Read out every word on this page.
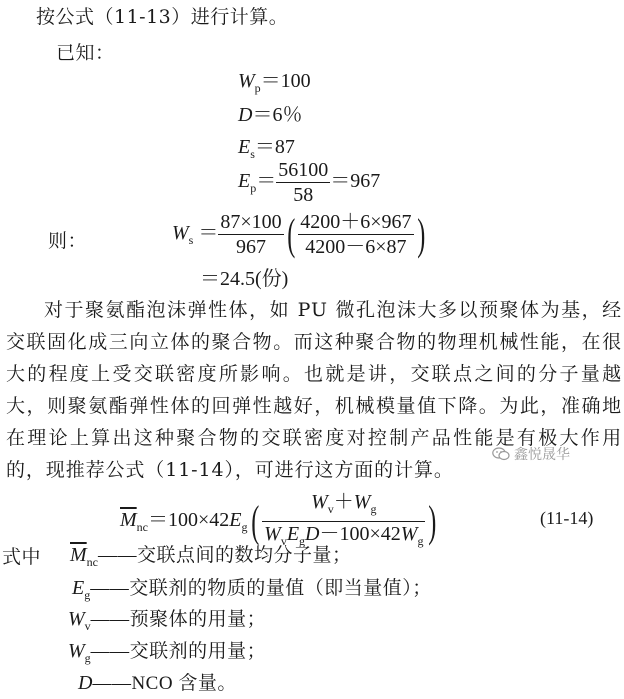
按公式（11-13）进行计算。
已知：
$W_p=100$
D＝6％
$E_s=87$
$E_p= \frac{56100}{58} =967$
则：	$W_s = \frac{87\times 100}{967}$ ( $\frac{4200+6\times 967}{4200-6\times 87}$ )
＝24.5(份)

对于聚氨酯泡沫弹性体，如 PU 微孔泡沫大多以预聚体为基，经交联固化成三向立体的聚合物。而这种聚合物的物理机械性能，在很大的程度上受交联密度所影响。也就是讲，交联点之间的分子量越大，则聚氨酯弹性体的回弹性越好，机械模量值下降。为此，准确地在理论上算出这种聚合物的交联密度对控制产品性能是有极大作用的，现推荐公式（11-14），可进行这方面的计算。

鑫悦晟华
$\overline{M}_{nc}=100\times 42E_g( \frac{W_v+W_g}{W_vE_gD-100\times 42W_g}$ )	(11-14)
式中 $\overline{M}_{nc}——$交联点间的数均分子量；
$E_g——$交联剂的物质的量值（即当量值）；
$W_v——$预聚体的用量；
$W_g——$交联剂的用量；
D——NCO 含量。
